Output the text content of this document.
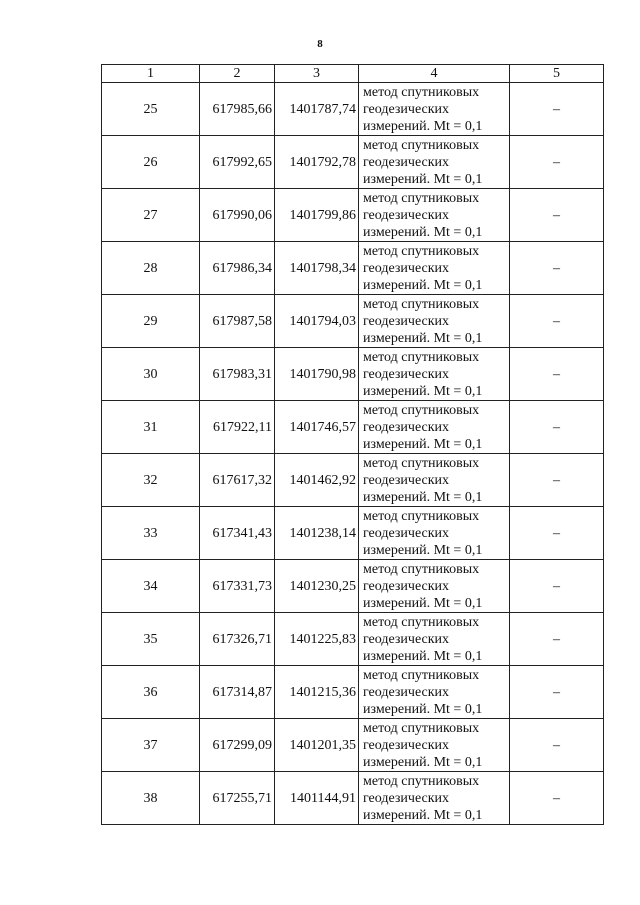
8
1	2	3	4	5
25	617985,66	1401787,74	метод спутниковых
геодезических
измерений. Mt = 0,1	–
26	617992,65	1401792,78	метод спутниковых
геодезических
измерений. Mt = 0,1	–
27	617990,06	1401799,86	метод спутниковых
геодезических
измерений. Mt = 0,1	–
28	617986,34	1401798,34	метод спутниковых
геодезических
измерений. Mt = 0,1	–
29	617987,58	1401794,03	метод спутниковых
геодезических
измерений. Mt = 0,1	–
30	617983,31	1401790,98	метод спутниковых
геодезических
измерений. Mt = 0,1	–
31	617922,11	1401746,57	метод спутниковых
геодезических
измерений. Mt = 0,1	–
32	617617,32	1401462,92	метод спутниковых
геодезических
измерений. Mt = 0,1	–
33	617341,43	1401238,14	метод спутниковых
геодезических
измерений. Mt = 0,1	–
34	617331,73	1401230,25	метод спутниковых
геодезических
измерений. Mt = 0,1	–
35	617326,71	1401225,83	метод спутниковых
геодезических
измерений. Mt = 0,1	–
36	617314,87	1401215,36	метод спутниковых
геодезических
измерений. Mt = 0,1	–
37	617299,09	1401201,35	метод спутниковых
геодезических
измерений. Mt = 0,1	–
38	617255,71	1401144,91	метод спутниковых
геодезических
измерений. Mt = 0,1	–
